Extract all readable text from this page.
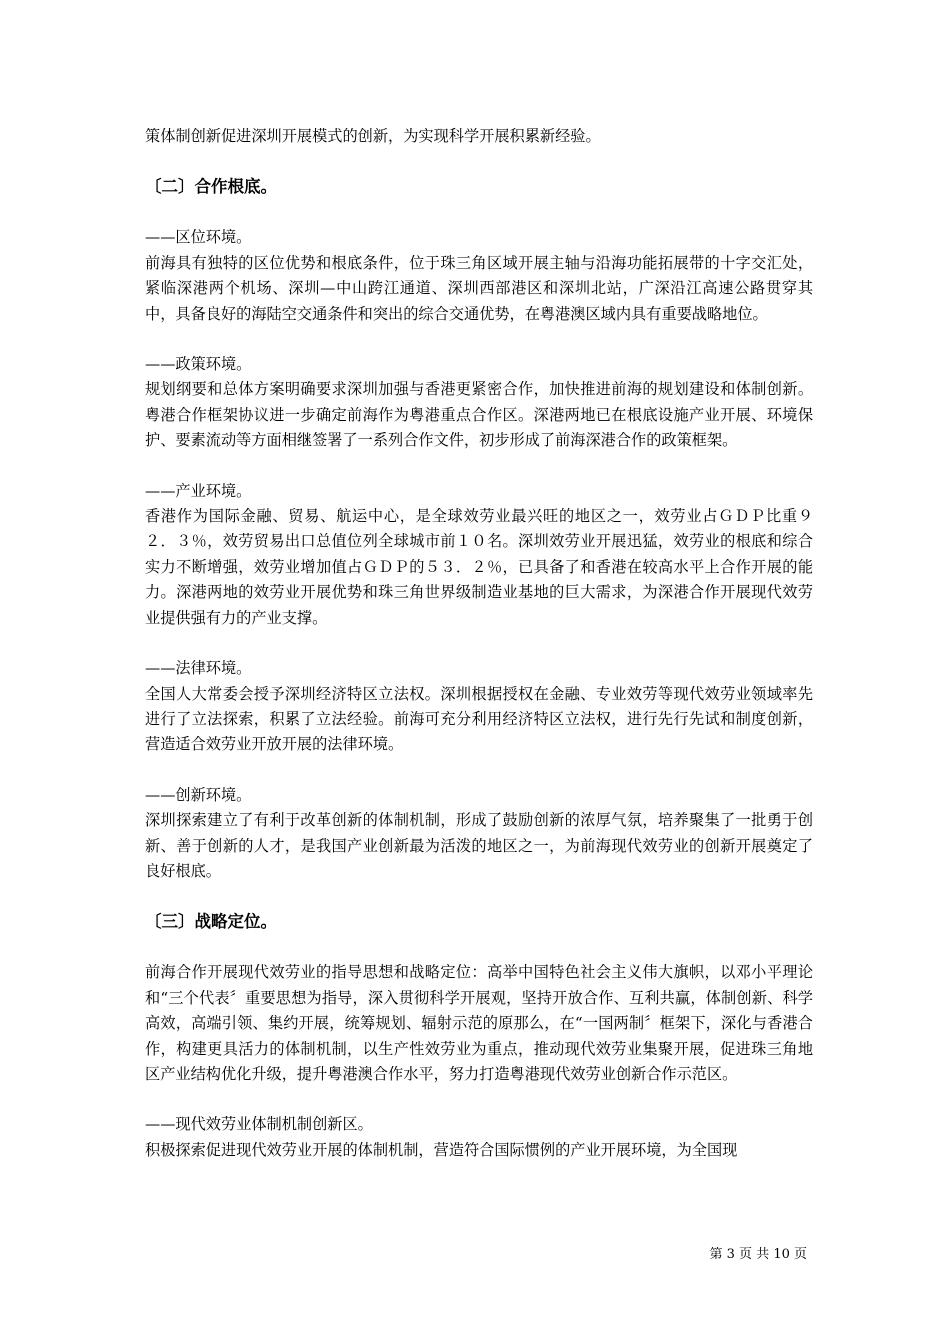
策体制创新促进深圳开展模式的创新，为实现科学开展积累新经验。

〔二〕合作根底。

——区位环境。

前海具有独特的区位优势和根底条件，位于珠三角区域开展主轴与沿海功能拓展带的十字交汇处，紧临深港两个机场、深圳—中山跨江通道、深圳西部港区和深圳北站，广深沿江高速公路贯穿其中，具备良好的海陆空交通条件和突出的综合交通优势，在粤港澳区域内具有重要战略地位。

——政策环境。

规划纲要和总体方案明确要求深圳加强与香港更紧密合作，加快推进前海的规划建设和体制创新。粤港合作框架协议进一步确定前海作为粤港重点合作区。深港两地已在根底设施产业开展、环境保护、要素流动等方面相继签署了一系列合作文件，初步形成了前海深港合作的政策框架。

——产业环境。

香港作为国际金融、贸易、航运中心，是全球效劳业最兴旺的地区之一，效劳业占ＧＤＰ比重９２．３％，效劳贸易出口总值位列全球城市前１０名。深圳效劳业开展迅猛，效劳业的根底和综合实力不断增强，效劳业增加值占ＧＤＰ的５３．２％，已具备了和香港在较高水平上合作开展的能力。深港两地的效劳业开展优势和珠三角世界级制造业基地的巨大需求，为深港合作开展现代效劳业提供强有力的产业支撑。

——法律环境。

全国人大常委会授予深圳经济特区立法权。深圳根据授权在金融、专业效劳等现代效劳业领域率先进行了立法探索，积累了立法经验。前海可充分利用经济特区立法权，进行先行先试和制度创新，营造适合效劳业开放开展的法律环境。

——创新环境。

深圳探索建立了有利于改革创新的体制机制，形成了鼓励创新的浓厚气氛，培养聚集了一批勇于创新、善于创新的人才，是我国产业创新最为活泼的地区之一，为前海现代效劳业的创新开展奠定了良好根底。

〔三〕战略定位。

前海合作开展现代效劳业的指导思想和战略定位：高举中国特色社会主义伟大旗帜，以邓小平理论和“三个代表〞重要思想为指导，深入贯彻科学开展观，坚持开放合作、互利共赢，体制创新、科学高效，高端引领、集约开展，统筹规划、辐射示范的原那么，在“一国两制〞框架下，深化与香港合作，构建更具活力的体制机制，以生产性效劳业为重点，推动现代效劳业集聚开展，促进珠三角地区产业结构优化升级，提升粤港澳合作水平，努力打造粤港现代效劳业创新合作示范区。

——现代效劳业体制机制创新区。

积极探索促进现代效劳业开展的体制机制，营造符合国际惯例的产业开展环境，为全国现

第 3 页 共 10 页
